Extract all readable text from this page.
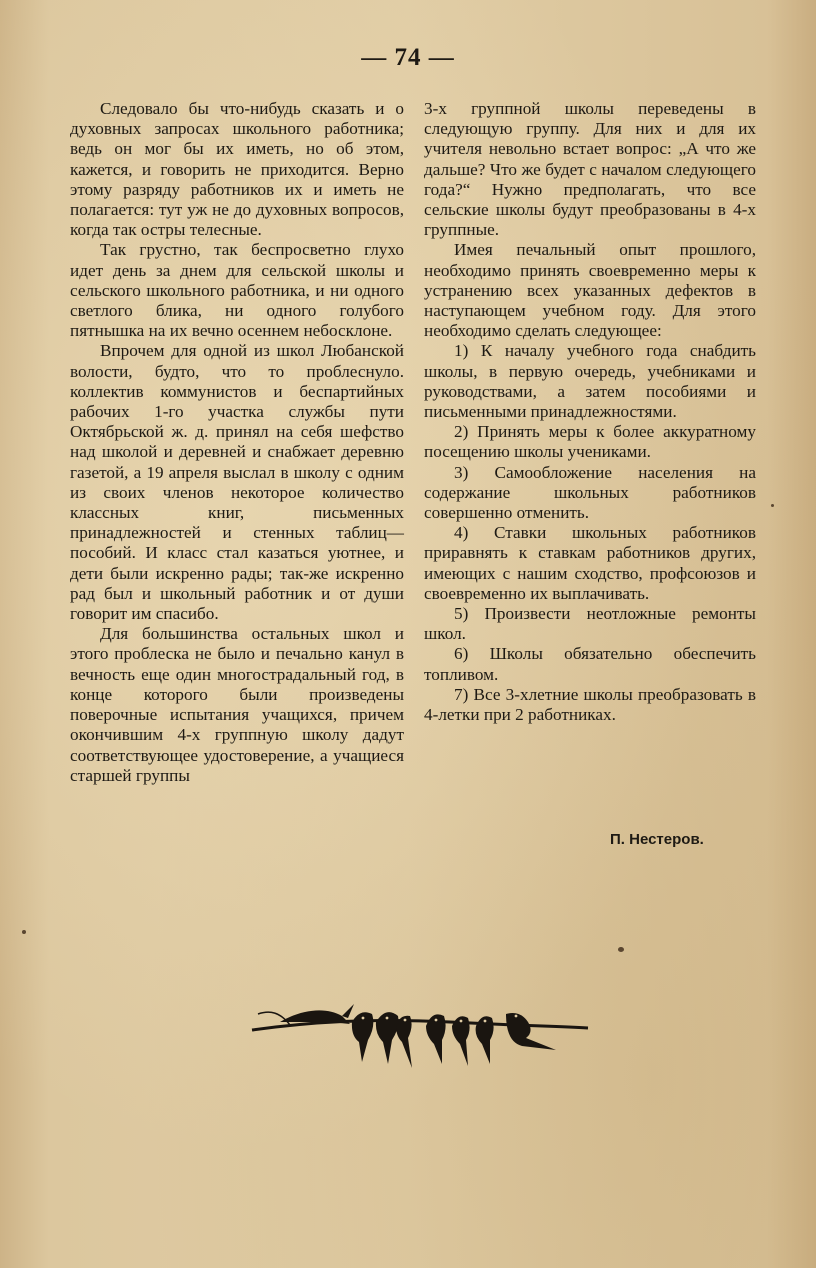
— 74 —

Следовало бы что-нибудь сказать и о духовных запросах школьного работника; ведь он мог бы их иметь, но об этом, кажется, и говорить не приходится. Верно этому разряду работников их и иметь не полагается: тут уж не до духовных вопросов, когда так остры телесные.

Так грустно, так беспросветно глухо идет день за днем для сельской школы и сельского школьного работника, и ни одного светлого блика, ни одного голубого пятнышка на их вечно осеннем небосклоне.

Впрочем для одной из школ Любанской волости, будто, что то проблеснуло. коллектив коммунистов и беспартийных рабочих 1-го участка службы пути Октябрьской ж. д. принял на себя шефство над школой и деревней и снабжает деревню газетой, а 19 апреля выслал в школу с одним из своих членов некоторое количество классных книг, письменных принадлежностей и стенных таблиц—пособий. И класс стал казаться уютнее, и дети были искренно рады; так-же искренно рад был и школьный работник и от души говорит им спасибо.

Для большинства остальных школ и этого проблеска не было и печально канул в вечность еще один многострадальный год, в конце которого были произведены поверочные испытания учащихся, причем окончившим 4-х группную школу дадут соответствующее удостоверение, а учащиеся старшей группы

3-х группной школы переведены в следующую группу. Для них и для их учителя невольно встает вопрос: „А что же дальше? Что же будет с началом следующего года?“ Нужно предполагать, что все сельские школы будут преобразованы в 4-х группные.

Имея печальный опыт прошлого, необходимо принять своевременно меры к устранению всех указанных дефектов в наступающем учебном году. Для этого необходимо сделать следующее:

1) К началу учебного года снабдить школы, в первую очередь, учебниками и руководствами, а затем пособиями и письменными принадлежностями.

2) Принять меры к более аккуратному посещению школы учениками.

3) Самообложение населения на содержание школьных работников совершенно отменить.

4) Ставки школьных работников приравнять к ставкам работников других, имеющих с нашим сходство, профсоюзов и своевременно их выплачивать.

5) Произвести неотложные ремонты школ.

6) Школы обязательно обеспечить топливом.

7) Все 3-хлетние школы преобразовать в 4-летки при 2 работниках.

П. Нестеров.
